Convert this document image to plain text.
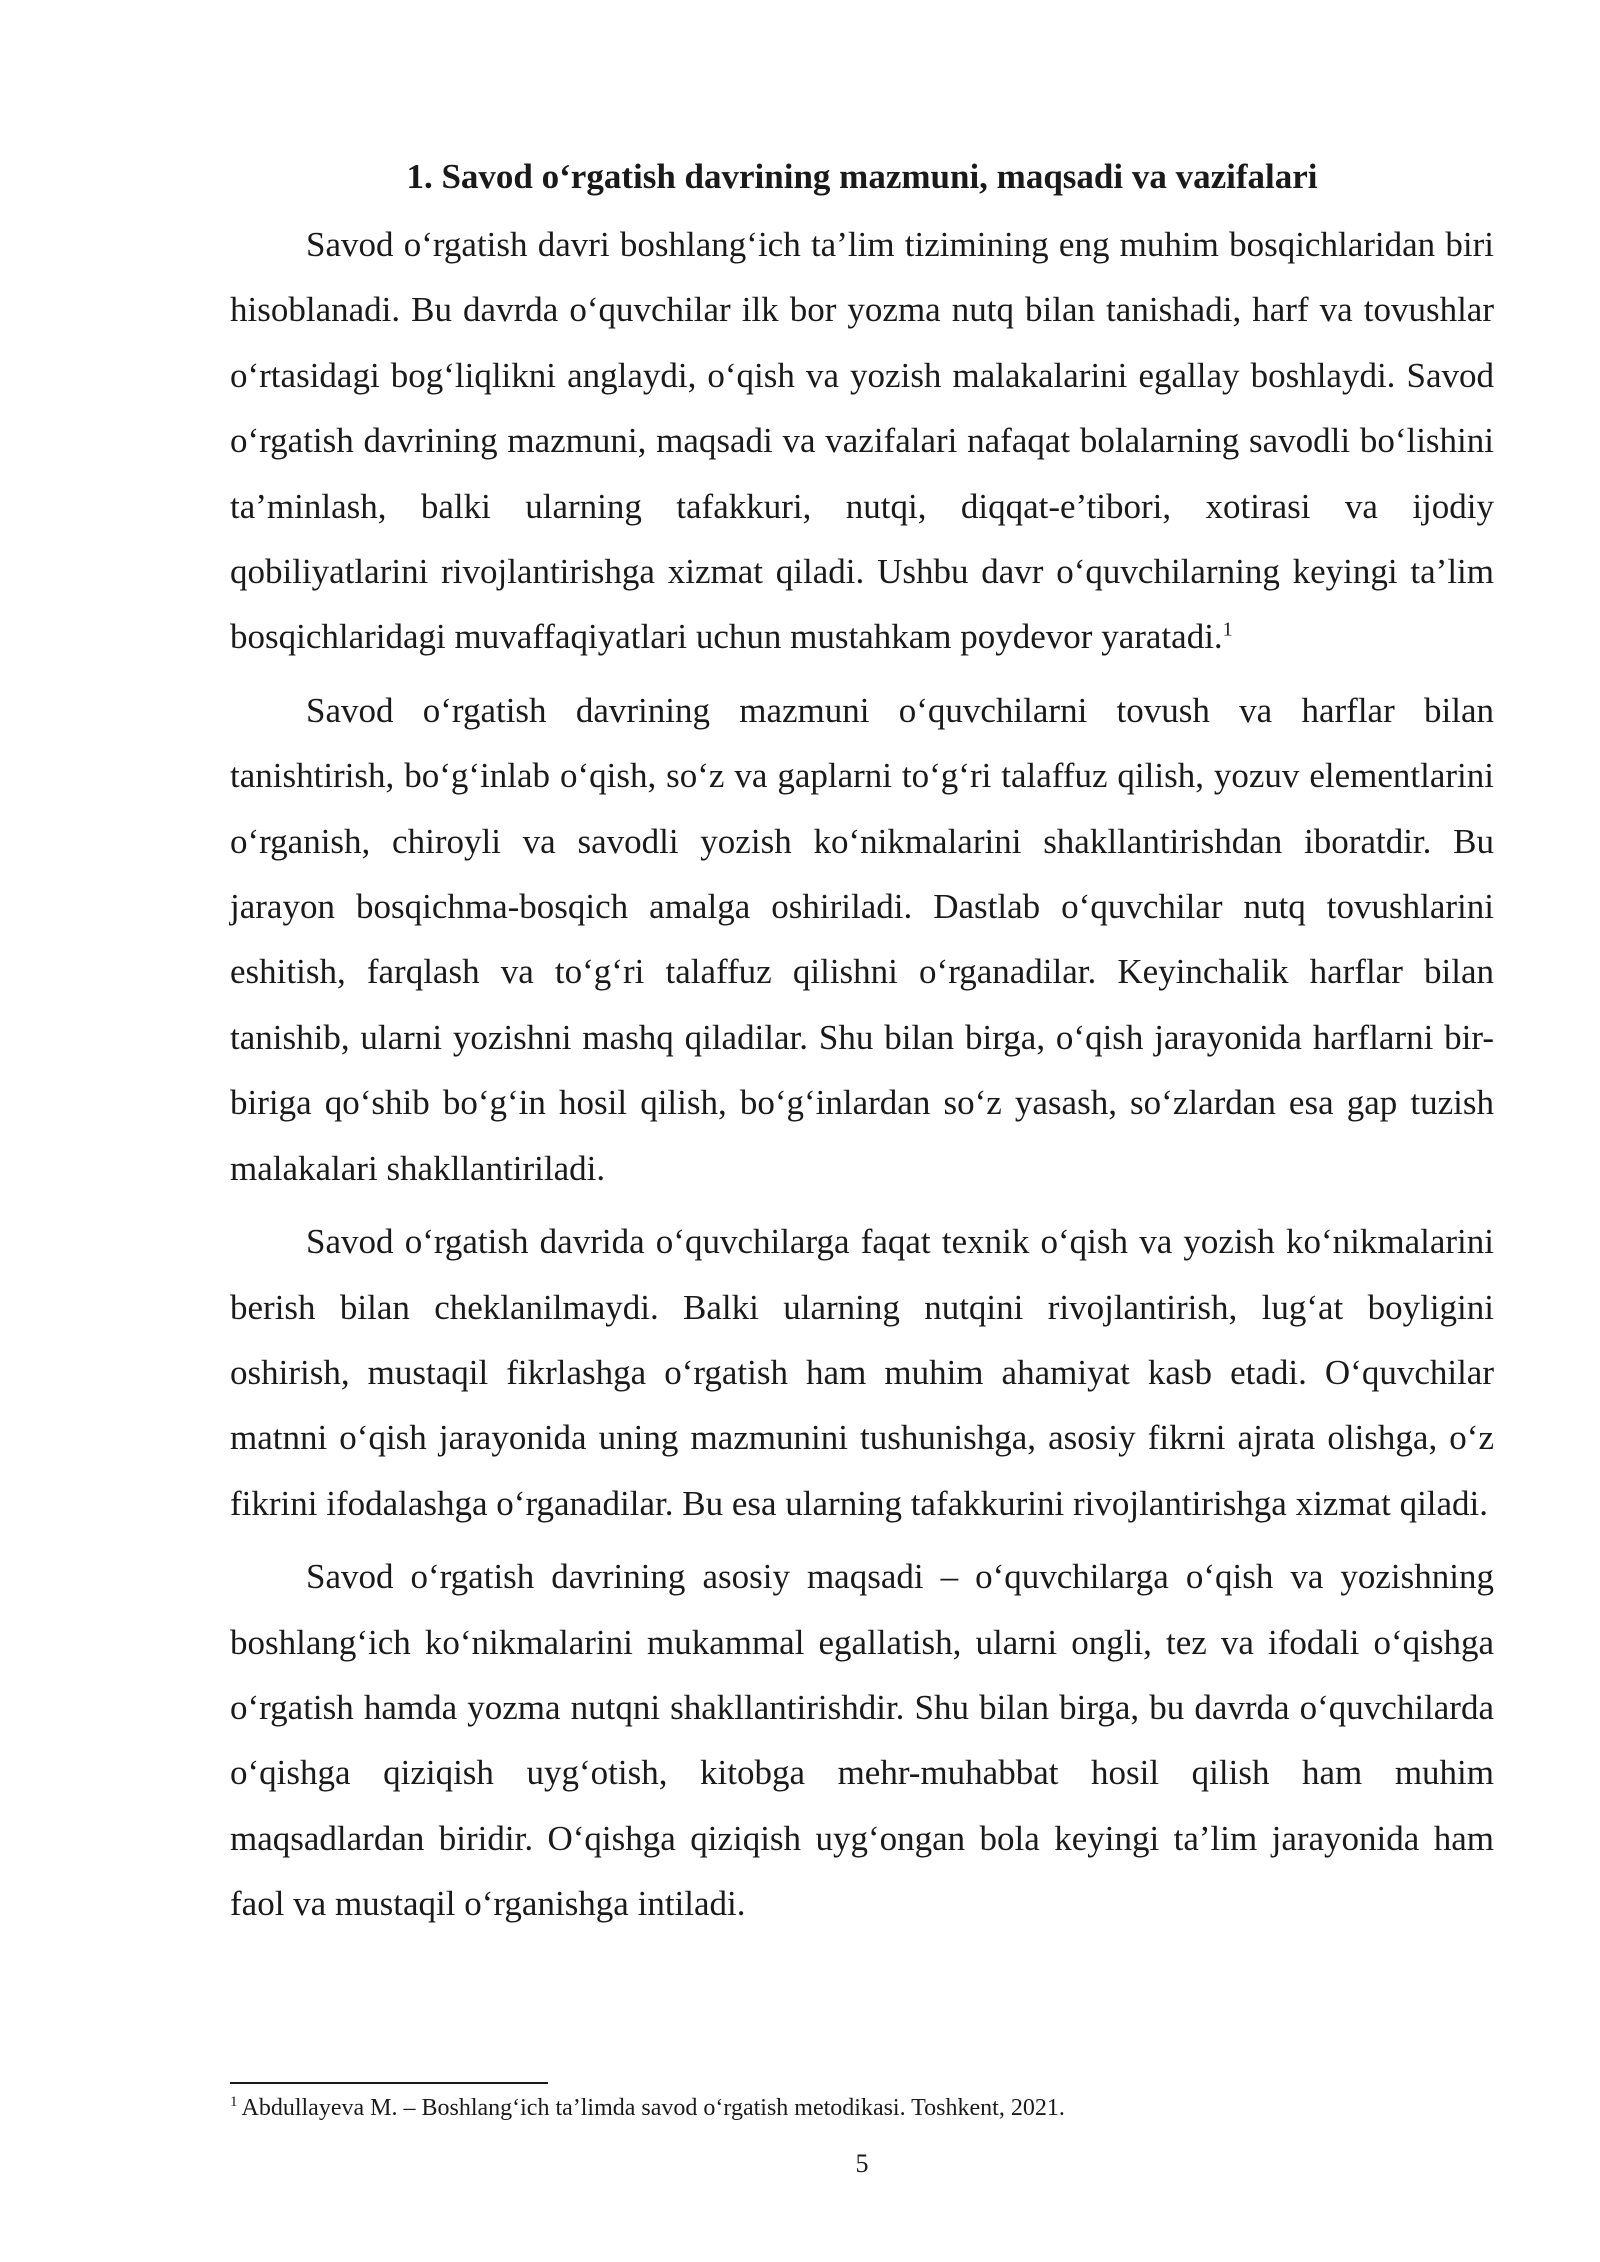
1. Savod o‘rgatish davrining mazmuni, maqsadi va vazifalari

Savod o‘rgatish davri boshlang‘ich ta’lim tizimining eng muhim bosqichlaridan biri hisoblanadi. Bu davrda o‘quvchilar ilk bor yozma nutq bilan tanishadi, harf va tovushlar o‘rtasidagi bog‘liqlikni anglaydi, o‘qish va yozish malakalarini egallay boshlaydi. Savod o‘rgatish davrining mazmuni, maqsadi va vazifalari nafaqat bolalarning savodli bo‘lishini ta’minlash, balki ularning tafakkuri, nutqi, diqqat-e’tibori, xotirasi va ijodiy qobiliyatlarini rivojlantirishga xizmat qiladi. Ushbu davr o‘quvchilarning keyingi ta’lim bosqichlaridagi muvaffaqiyatlari uchun mustahkam poydevor yaratadi.$^1$

Savod o‘rgatish davrining mazmuni o‘quvchilarni tovush va harflar bilan tanishtirish, bo‘g‘inlab o‘qish, so‘z va gaplarni to‘g‘ri talaffuz qilish, yozuv elementlarini o‘rganish, chiroyli va savodli yozish ko‘nikmalarini shakllantirishdan iboratdir. Bu jarayon bosqichma-bosqich amalga oshiriladi. Dastlab o‘quvchilar nutq tovushlarini eshitish, farqlash va to‘g‘ri talaffuz qilishni o‘rganadilar. Keyinchalik harflar bilan tanishib, ularni yozishni mashq qiladilar. Shu bilan birga, o‘qish jarayonida harflarni bir-biriga qo‘shib bo‘g‘in hosil qilish, bo‘g‘inlardan so‘z yasash, so‘zlardan esa gap tuzish malakalari shakllantiriladi.

Savod o‘rgatish davrida o‘quvchilarga faqat texnik o‘qish va yozish ko‘nikmalarini berish bilan cheklanilmaydi. Balki ularning nutqini rivojlantirish, lug‘at boyligini oshirish, mustaqil fikrlashga o‘rgatish ham muhim ahamiyat kasb etadi. O‘quvchilar matnni o‘qish jarayonida uning mazmunini tushunishga, asosiy fikrni ajrata olishga, o‘z fikrini ifodalashga o‘rganadilar. Bu esa ularning tafakkurini rivojlantirishga xizmat qiladi.

Savod o‘rgatish davrining asosiy maqsadi – o‘quvchilarga o‘qish va yozishning boshlang‘ich ko‘nikmalarini mukammal egallatish, ularni ongli, tez va ifodali o‘qishga o‘rgatish hamda yozma nutqni shakllantirishdir. Shu bilan birga, bu davrda o‘quvchilarda o‘qishga qiziqish uyg‘otish, kitobga mehr-muhabbat hosil qilish ham muhim maqsadlardan biridir. O‘qishga qiziqish uyg‘ongan bola keyingi ta’lim jarayonida ham faol va mustaqil o‘rganishga intiladi.

$^1$ Abdullayeva M. – Boshlang‘ich ta’limda savod o‘rgatish metodikasi. Toshkent, 2021.
5
